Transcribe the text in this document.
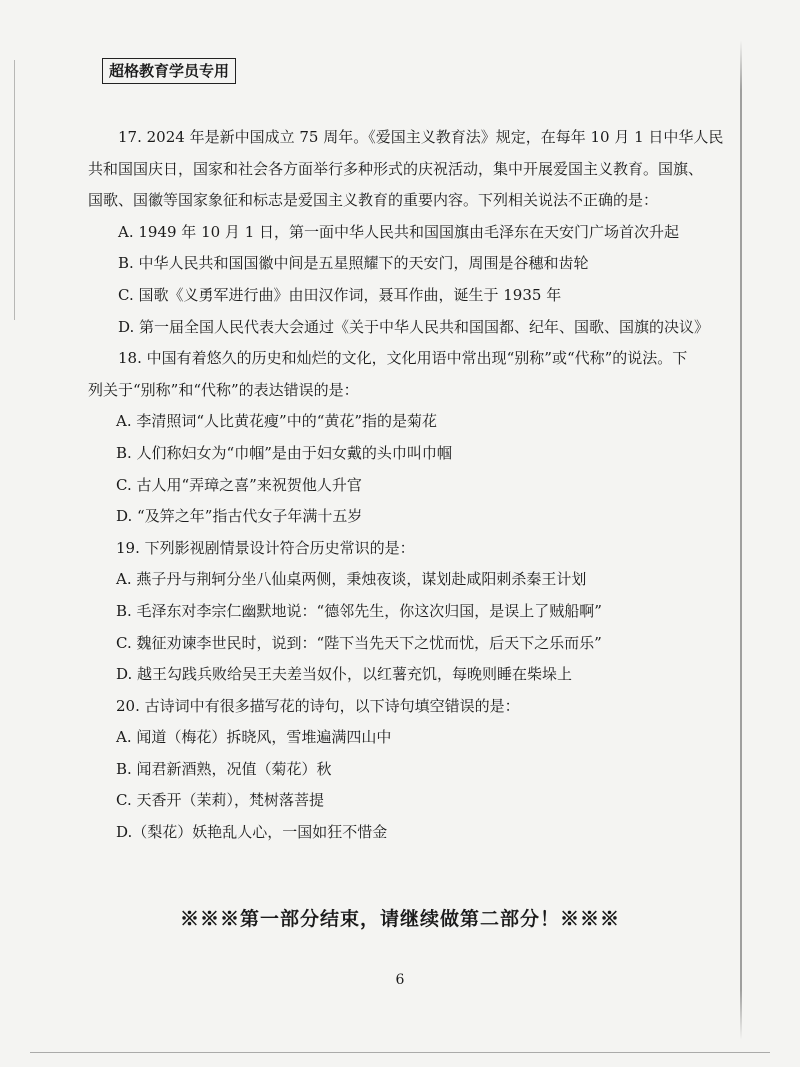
超格教育学员专用
17. 2024 年是新中国成立 75 周年。《爱国主义教育法》规定，在每年 10 月 1 日中华人民
共和国国庆日，国家和社会各方面举行多种形式的庆祝活动，集中开展爱国主义教育。国旗、
国歌、国徽等国家象征和标志是爱国主义教育的重要内容。下列相关说法不正确的是：
A. 1949 年 10 月 1 日，第一面中华人民共和国国旗由毛泽东在天安门广场首次升起
B. 中华人民共和国国徽中间是五星照耀下的天安门，周围是谷穗和齿轮
C. 国歌《义勇军进行曲》由田汉作词，聂耳作曲，诞生于 1935 年
D. 第一届全国人民代表大会通过《关于中华人民共和国国都、纪年、国歌、国旗的决议》
18. 中国有着悠久的历史和灿烂的文化，文化用语中常出现“别称”或“代称”的说法。下
列关于“别称”和“代称”的表达错误的是：
A. 李清照词“人比黄花瘦”中的“黄花”指的是菊花
B. 人们称妇女为“巾帼”是由于妇女戴的头巾叫巾帼
C. 古人用“弄璋之喜”来祝贺他人升官
D. “及笄之年”指古代女子年满十五岁
19. 下列影视剧情景设计符合历史常识的是：
A. 燕子丹与荆轲分坐八仙桌两侧，秉烛夜谈，谋划赴咸阳刺杀秦王计划
B. 毛泽东对李宗仁幽默地说：“德邻先生，你这次归国，是误上了贼船啊”
C. 魏征劝谏李世民时，说到：“陛下当先天下之忧而忧，后天下之乐而乐”
D. 越王勾践兵败给吴王夫差当奴仆，以红薯充饥，每晚则睡在柴垛上
20. 古诗词中有很多描写花的诗句，以下诗句填空错误的是：
A. 闻道（梅花）拆晓风，雪堆遍满四山中
B. 闻君新酒熟，况值（菊花）秋
C. 天香开（茉莉），梵树落菩提
D.（梨花）妖艳乱人心，一国如狂不惜金
※※※第一部分结束，请继续做第二部分！※※※
6
